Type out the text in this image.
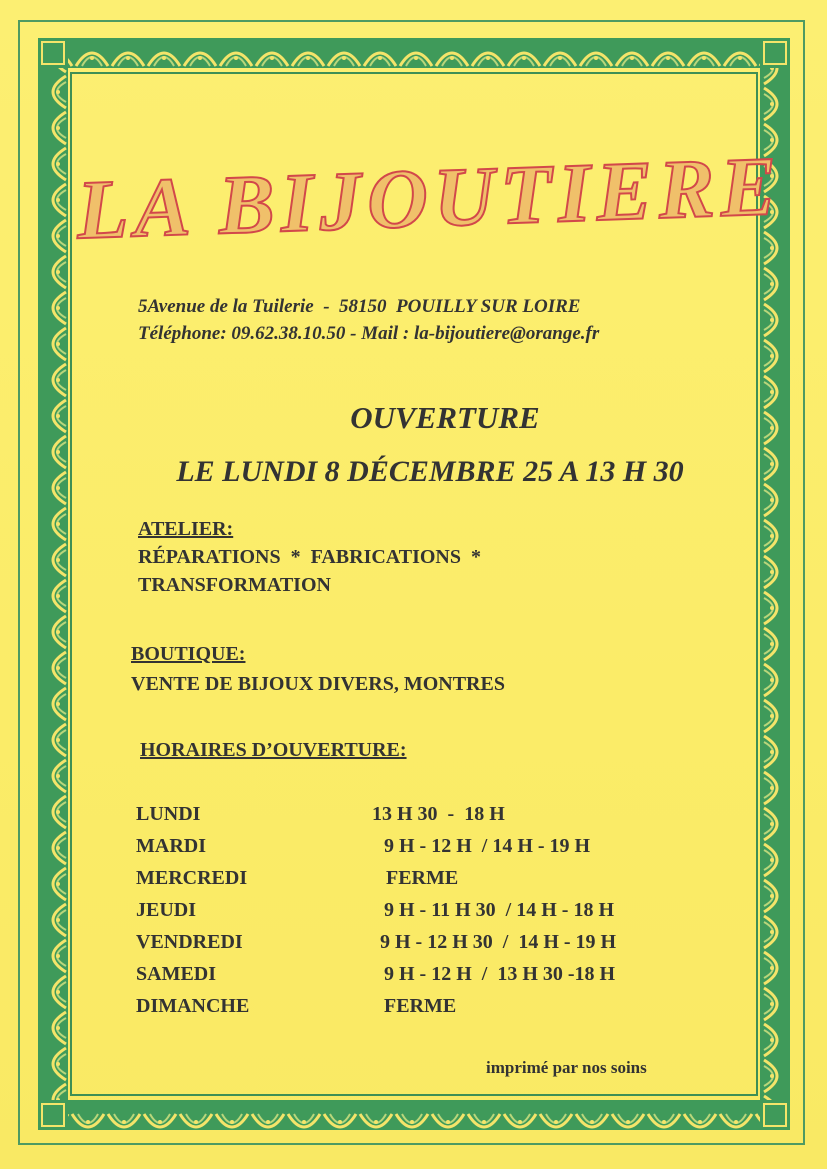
LA BIJOUTIERE
5Avenue de la Tuilerie  -  58150  POUILLY SUR LOIRE
Téléphone: 09.62.38.10.50 - Mail : la-bijoutiere@orange.fr
OUVERTURE
LE LUNDI 8 DÉCEMBRE 25 A 13 H 30
ATELIER:
RÉPARATIONS  *  FABRICATIONS  *
TRANSFORMATION
BOUTIQUE:
VENTE DE BIJOUX DIVERS, MONTRES
HORAIRES D’OUVERTURE:
LUNDI	13 H 30  -  18 H
MARDI	9 H - 12 H  / 14 H - 19 H
MERCREDI	FERME
JEUDI	9 H - 11 H 30  / 14 H - 18 H
VENDREDI	9 H - 12 H 30  /  14 H - 19 H
SAMEDI	9 H - 12 H  /  13 H 30 -18 H
DIMANCHE	FERME
imprimé par nos soins
